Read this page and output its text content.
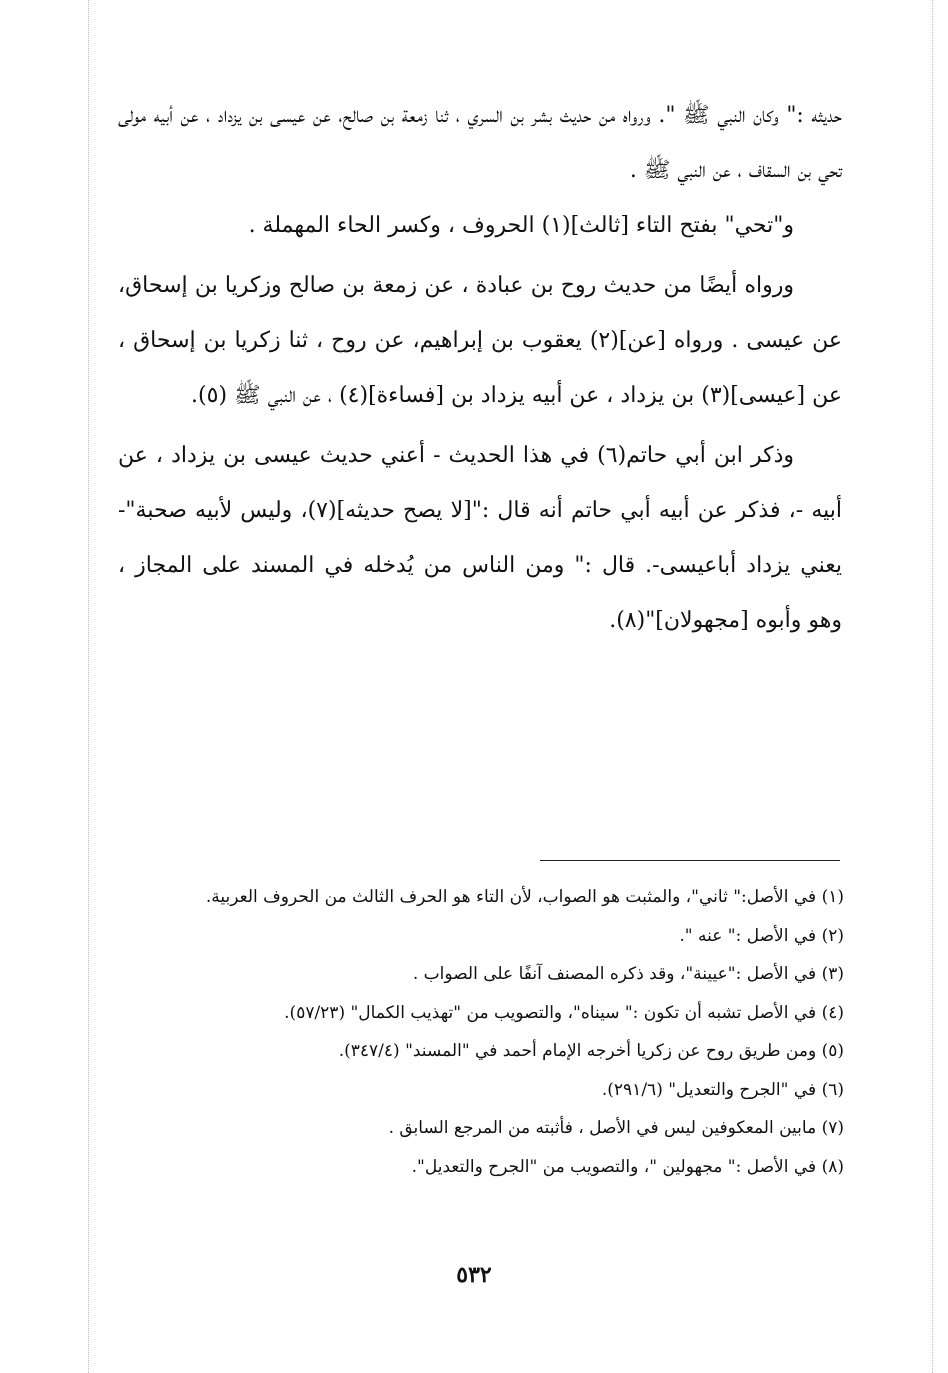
حديثه :" وكان النبي ﷺ ". ورواه من حديث بشر بن السري ، ثنا زمعة بن صالح، عن عيسى بن يزداد ، عن أبيه مولى تحي بن السقاف ، عن النبي ﷺ .

و"تحي" بفتح التاء [ثالث](١) الحروف ، وكسر الحاء المهملة .

ورواه أيضًا من حديث روح بن عبادة ، عن زمعة بن صالح وزكريا بن إسحاق، عن عيسى . ورواه [عن](٢) يعقوب بن إبراهيم، عن روح ، ثنا زكريا بن إسحاق ، عن [عيسى](٣) بن يزداد ، عن أبيه يزداد بن [فساءة](٤) ، عن النبي ﷺ (٥).

وذكر ابن أبي حاتم(٦) في هذا الحديث - أعني حديث عيسى بن يزداد ، عن أبيه -، فذكر عن أبيه أبي حاتم أنه قال :"[لا يصح حديثه](٧)، وليس لأبيه صحبة"- يعني يزداد أباعيسى-. قال :" ومن الناس من يُدخله في المسند على المجاز ، وهو وأبوه [مجهولان]"(٨).

(١) في الأصل:" ثاني"، والمثبت هو الصواب، لأن التاء هو الحرف الثالث من الحروف العربية.
(٢) في الأصل :" عنه ".
(٣) في الأصل :"عيينة"، وقد ذكره المصنف آنفًا على الصواب .
(٤) في الأصل تشبه أن تكون :" سيناه"، والتصويب من "تهذيب الكمال" (٥٧/٢٣).
(٥) ومن طريق روح عن زكريا أخرجه الإمام أحمد في "المسند" (٣٤٧/٤).
(٦) في "الجرح والتعديل" (٢٩١/٦).
(٧) مابين المعكوفين ليس في الأصل ، فأثبته من المرجع السابق .
(٨) في الأصل :" مجهولين "، والتصويب من "الجرح والتعديل".
٥٣٢
